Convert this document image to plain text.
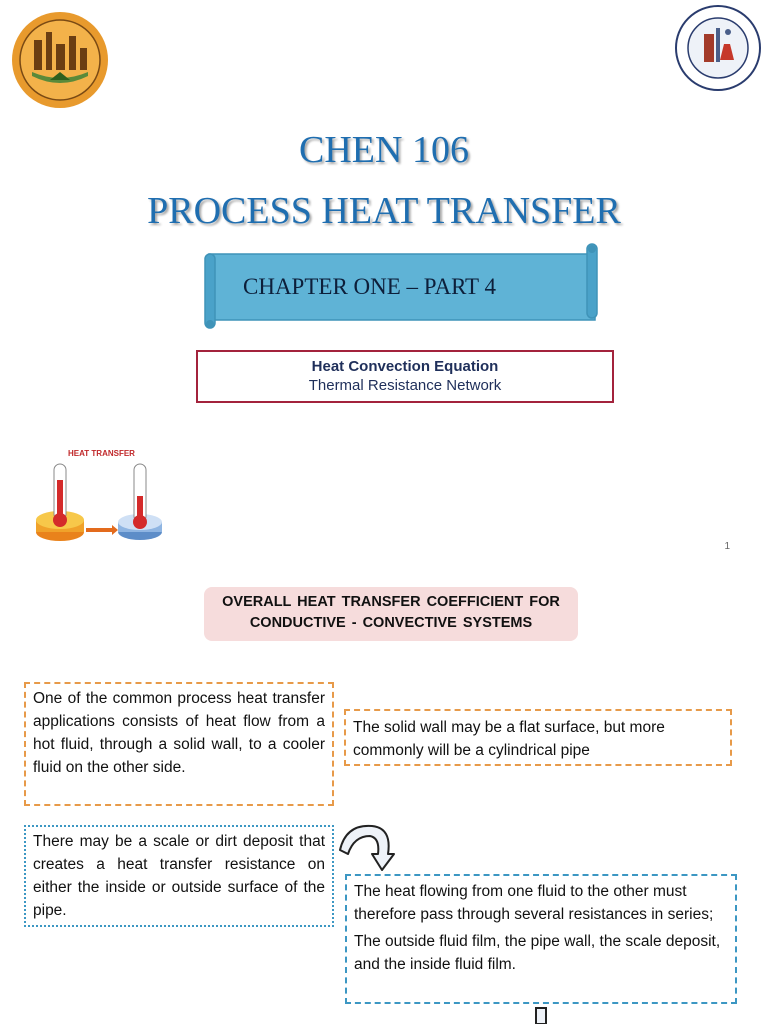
CHEN 106
PROCESS HEAT TRANSFER
CHAPTER ONE – PART 4
Heat Convection Equation
Thermal Resistance Network
HEAT TRANSFER
1
OVERALL HEAT TRANSFER COEFFICIENT FOR
CONDUCTIVE - CONVECTIVE SYSTEMS
One of the common process heat transfer applications consists of heat flow from a hot fluid, through a solid wall, to a cooler fluid on the other side.
The solid wall may be a flat surface, but more commonly will be a cylindrical pipe
There may be a scale or dirt deposit that creates a heat transfer resistance on either the inside or outside surface of the pipe.

The heat flowing from one fluid to the other must therefore pass through several resistances in series;

The outside fluid film, the pipe wall, the scale deposit, and the inside fluid film.
